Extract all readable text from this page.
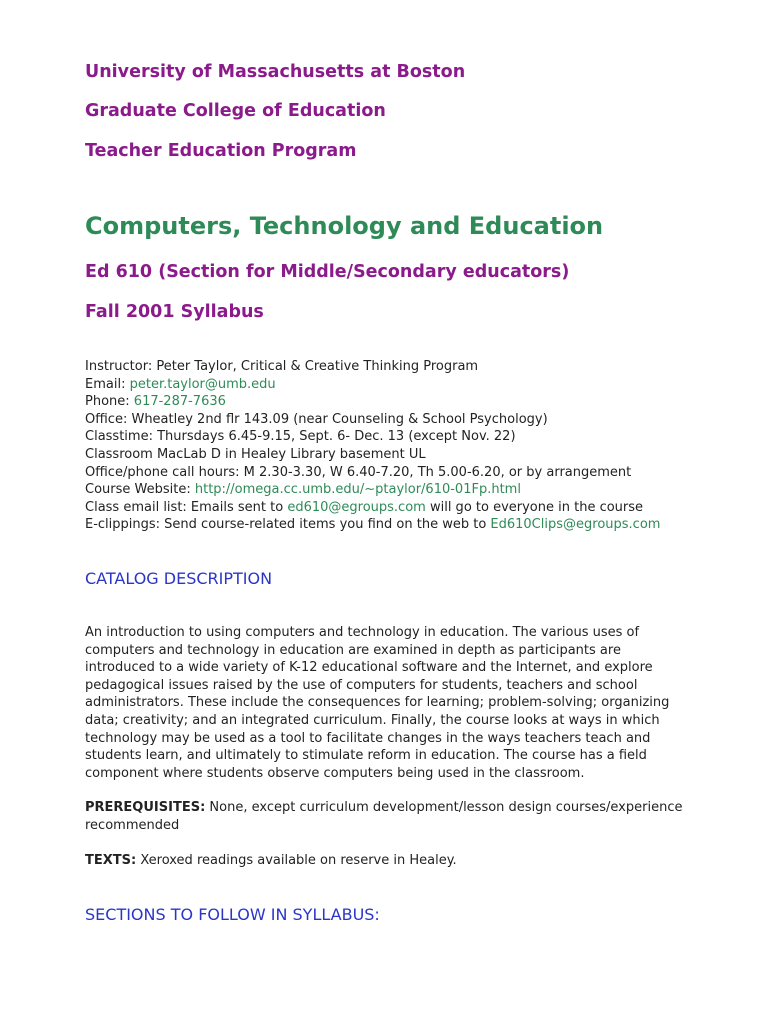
University of Massachusetts at Boston
Graduate College of Education
Teacher Education Program
Computers, Technology and Education
Ed 610 (Section for Middle/Secondary educators)
Fall 2001 Syllabus
Instructor: Peter Taylor, Critical & Creative Thinking Program
Email: peter.taylor@umb.edu
Phone: 617-287-7636
Office: Wheatley 2nd flr 143.09 (near Counseling & School Psychology)
Classtime: Thursdays 6.45-9.15, Sept. 6- Dec. 13 (except Nov. 22)
Classroom MacLab D in Healey Library basement UL
Office/phone call hours: M 2.30-3.30, W 6.40-7.20, Th 5.00-6.20, or by arrangement
Course Website: http://omega.cc.umb.edu/~ptaylor/610-01Fp.html
Class email list: Emails sent to ed610@egroups.com will go to everyone in the course
E-clippings: Send course-related items you find on the web to Ed610Clips@egroups.com
CATALOG DESCRIPTION

An introduction to using computers and technology in education. The various uses of computers and technology in education are examined in depth as participants are introduced to a wide variety of K-12 educational software and the Internet, and explore pedagogical issues raised by the use of computers for students, teachers and school administrators. These include the consequences for learning; problem-solving; organizing data; creativity; and an integrated curriculum. Finally, the course looks at ways in which technology may be used as a tool to facilitate changes in the ways teachers teach and students learn, and ultimately to stimulate reform in education. The course has a field component where students observe computers being used in the classroom.

PREREQUISITES: None, except curriculum development/lesson design courses/experience recommended

TEXTS: Xeroxed readings available on reserve in Healey.

SECTIONS TO FOLLOW IN SYLLABUS:
